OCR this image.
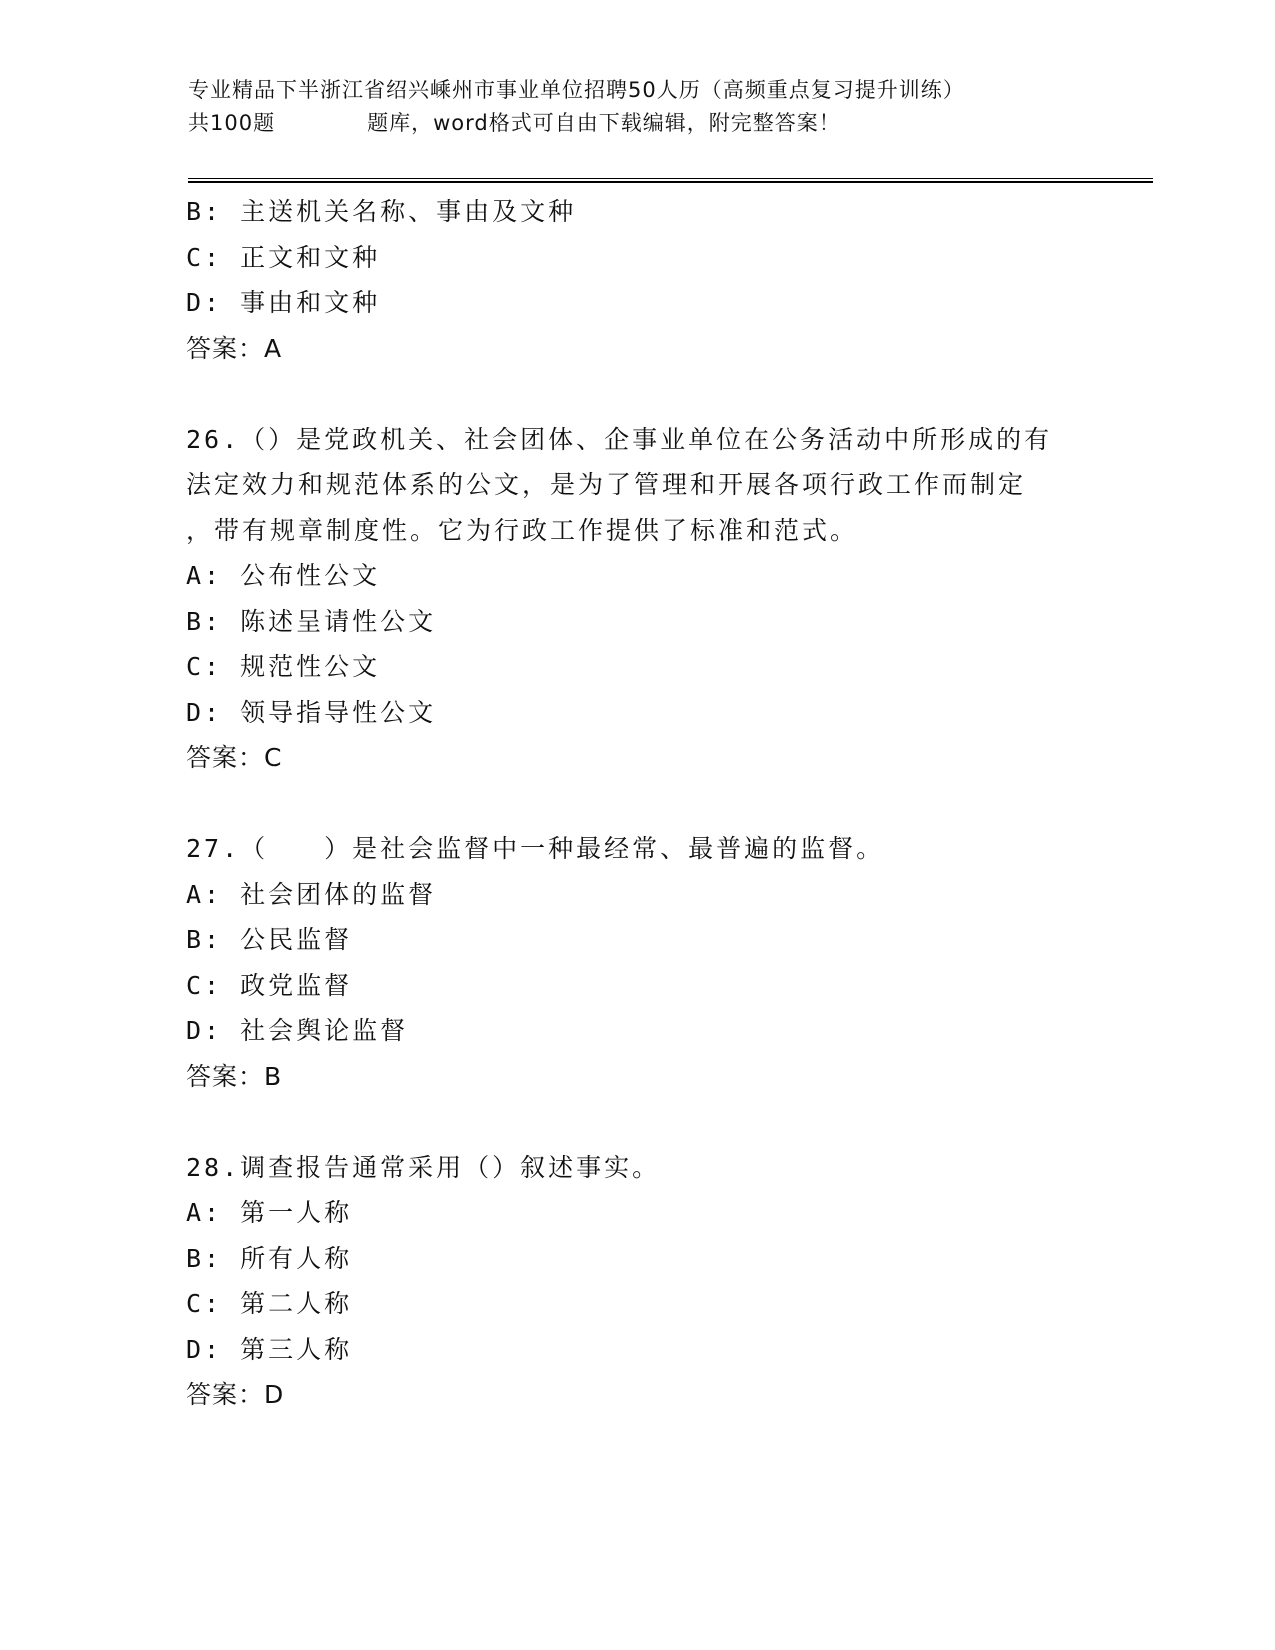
专业精品下半浙江省绍兴嵊州市事业单位招聘50人历（高频重点复习提升训练）
共100题	题库，word格式可自由下载编辑，附完整答案！
B: 主送机关名称、事由及文种
C: 正文和文种
D: 事由和文种
答案：A
26.（）是党政机关、社会团体、企事业单位在公务活动中所形成的有
法定效力和规范体系的公文，是为了管理和开展各项行政工作而制定
，带有规章制度性。它为行政工作提供了标准和范式。
A: 公布性公文
B: 陈述呈请性公文
C: 规范性公文
D: 领导指导性公文
答案：C
27.（　　）是社会监督中一种最经常、最普遍的监督。
A: 社会团体的监督
B: 公民监督
C: 政党监督
D: 社会舆论监督
答案：B
28.调查报告通常采用（）叙述事实。
A: 第一人称
B: 所有人称
C: 第二人称
D: 第三人称
答案：D
